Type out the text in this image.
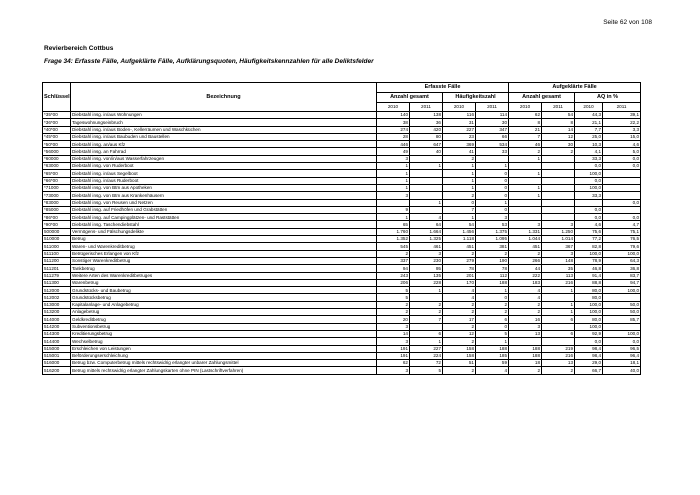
Seite 62 von 108
Revierbereich Cottbus
Frage 34: Erfasste Fälle, Aufgeklärte Fälle, Aufklärungsquoten, Häufigkeitskennzahlen für alle Deliktsfelder
		Erfasste Fälle				Aufgeklärte Fälle			
Schlüssel	Bezeichnung	Anzahl gesamt		Häufigkeitszahl		Anzahl gesamt		AQ in %	
		2010	2011	2010	2011	2010	2011	2010	2011
*35*00	Diebstahl insg. in/aus Wohnungen	140	138	116	114	62	54	44,3	39,1
*36*00	Tageswohnungseinbruch	38	36	31	30	8	8	21,1	22,2
*40*00	Diebstahl insg. in/aus Boden-, Kellerräumen und Waschküchen	274	420	227	347	21	14	7,7	3,3
*45*00	Diebstahl insg. in/aus Baubuden und Baustellen	28	80	23	66	7	12	25,0	15,0
*50*00	Diebstahl insg. an/aus Kfz	446	647	369	534	46	30	10,3	4,6
*56000	Diebstahl insg. an Fahrrad	49	40	41	33	2	2	4,1	5,0
*60000	Diebstahl insg. von/in/aus Wasserfahrzeugen	3		2		1		33,3	0,0
*63000	Diebstahl insg. von Ruderboot	1	1	1	1			0,0	0,0
*65*00	Diebstahl insg. in/aus Segelboot	1		1	0	1		100,0	
*66*00	Diebstahl insg. in/aus Ruderboot	1		1	0			0,0	
*71000	Diebstahl insg. von Btm aus Apotheken	1		1	0	1		100,0	
*73000	Diebstahl insg. von Btm aus Krankenhäusern	3		2	0	1		33,3	
*83000	Diebstahl insg. von Reusen und Netzen		1	0	1				0,0
*85000	Diebstahl insg. auf Friedhöfen und Grabstätten	9		7	0			0,0	
*86*00	Diebstahl insg. auf Campingplätzen- und Raststätten	1	4	1	3			0,0	0,0
*90*00	Diebstahl insg. Taschendiebstahl	65	64	54	53	3	3	4,6	4,7
500000	Vermögens- und Fälschungsdelikte	1.760	1.664	1.456	1.375	1.331	1.250	75,6	75,1
510000	Betrug	1.352	1.325	1.118	1.095	1.044	1.014	77,2	76,5
511000	Waren- und Warenkreditbetrug	545	461	451	381	451	367	82,8	79,6
511100	Betrügerisches Erlangen von Kfz	2	3	2	2	2	3	100,0	100,0
511200	Sonstiger Warenkreditbetrug	337	230	279	190	266	148	78,9	64,3
511201	Tankbetrug	94	95	78	78	44	35	46,8	36,8
511279	Weitere Arten des Warenkreditbetruges	243	135	201	112	222	113	91,4	83,7
511300	Warenbetrug	206	228	170	188	183	216	88,8	94,7
512000	Grundstücks- und Baubetrug	5	1	4	1	4	1	80,0	100,0
512002	Grundstücksbetrug	5		4	0	4		80,0	
513000	Kapitalanlage- und Anlagebetrug	2	2	2	2	2	1	100,0	50,0
513200	Anlagebetrug	2	2	2	2	2	1	100,0	50,0
514000	Geldkreditbetrug	20	7	17	6	16	6	80,0	85,7
514200	Subventionsbetrug	3		2	0	3		100,0	
514300	Kreditierungsbetrug	14	6	12	5	13	6	92,9	100,0
514400	Wechselbetrug	3	1	2	1			0,0	0,0
515000	Erschleichen von Leistungen	191	227	158	188	188	219	98,4	96,5
515001	Beförderungserschleichung	191	224	158	185	188	216	98,4	96,4
516000	Betrug bzw. Computerbetrug mittels rechtswidrig erlangter unbarer Zahlungsmittel	62	72	51	59	18	13	29,0	18,1
516200	Betrug mittels rechtswidrig erlangter Zahlungskarten ohne PIN (Lastschriftverfahren)	3	5	2	4	2	2	66,7	40,0
